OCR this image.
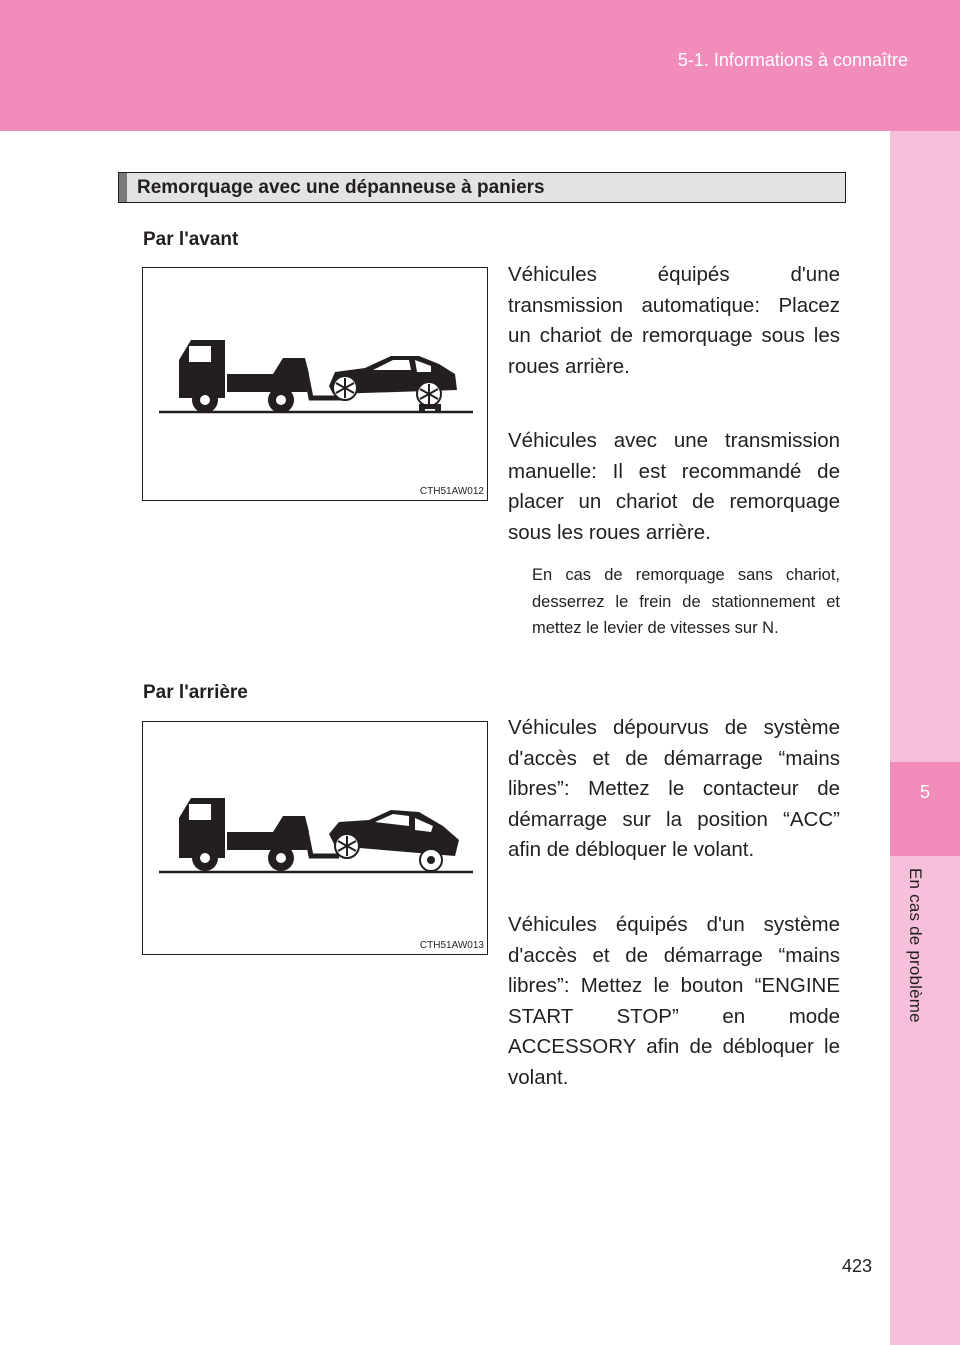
5-1. Informations à connaître
5
En cas de problème
Remorquage avec une dépanneuse à paniers
Par l'avant
CTH51AW012

Véhicules équipés d'une transmission automatique: Placez un chariot de remorquage sous les roues arrière.

Véhicules avec une transmission manuelle: Il est recommandé de placer un chariot de remorquage sous les roues arrière.

En cas de remorquage sans chariot, desserrez le frein de stationnement et mettez le levier de vitesses sur N.

Par l'arrière
CTH51AW013

Véhicules dépourvus de système d'accès et de démarrage “mains libres”: Mettez le contacteur de démarrage sur la position “ACC” afin de débloquer le volant.

Véhicules équipés d'un système d'accès et de démarrage “mains libres”: Mettez le bouton “ENGINE START STOP” en mode ACCESSORY afin de débloquer le volant.

423
